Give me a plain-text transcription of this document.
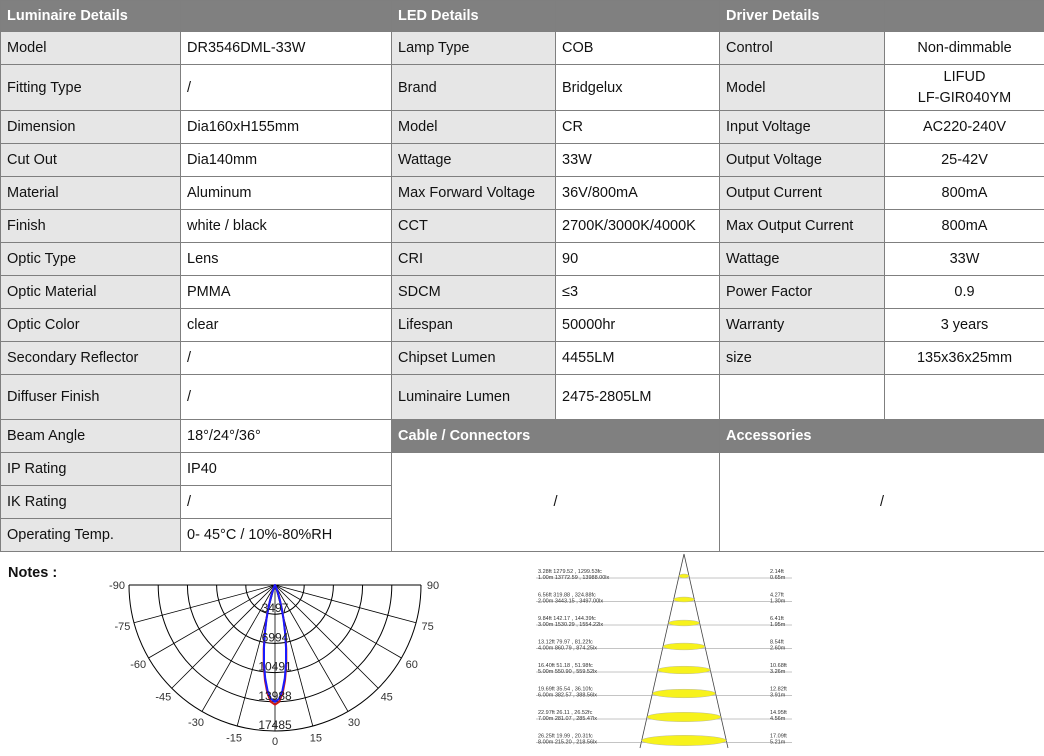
Luminaire Details		LED Details		Driver Details	
Model	DR3546DML-33W	Lamp Type	COB	Control	Non-dimmable
Fitting Type	/	Brand	Bridgelux	Model	LIFUD
LF-GIR040YM

Dimension	Dia160xH155mm	Model	CR	Input Voltage	AC220-240V
Cut Out	Dia140mm	Wattage	33W	Output Voltage	25-42V
Material	Aluminum	Max Forward Voltage	36V/800mA	Output Current	800mA
Finish	white / black	CCT	2700K/3000K/4000K	Max Output Current	800mA
Optic Type	Lens	CRI	90	Wattage	33W
Optic Material	PMMA	SDCM	≤3	Power Factor	0.9
Optic Color	clear	Lifespan	50000hr	Warranty	3 years
Secondary Reflector	/	Chipset Lumen	4455LM	size	135x36x25mm
Diffuser Finish	/	Luminaire Lumen	2475-2805LM		
Beam Angle	18°/24°/36°	Cable / Connectors		Accessories	
IP Rating	IP40	/		/	
IK Rating	/				
Operating Temp.	0- 45°C / 10%-80%RH				
Notes :
-90
-75
-60
-45
-30
-15	0	15
30
45
60
75
90
3497
6994
10491
13988
17485
3.28ft 1279.52 , 1299.53fc
1.00m 13772.59 , 13988.00lx
2.14ft
0.65m
6.56ft 319.88 , 324.88fc
2.00m 3443.15 , 3497.00lx
4.27ft
1.30m
9.84ft 142.17 , 144.39fc
3.00m 1530.29 , 1554.22lx
6.41ft
1.95m
13.12ft 79.97 , 81.22fc
4.00m 860.79 , 874.25lx
8.54ft
2.60m
16.40ft 51.18 , 51.98fc
5.00m 550.90 , 559.52lx
10.68ft
3.26m
19.69ft 35.54 , 36.10fc
6.00m 382.57 , 388.56lx
12.82ft
3.91m
22.97ft 26.11 , 26.52fc
7.00m 281.07 , 285.47lx
14.95ft
4.56m
26.25ft 19.99 , 20.31fc
8.00m 215.20 , 218.56lx
17.09ft
5.21m
